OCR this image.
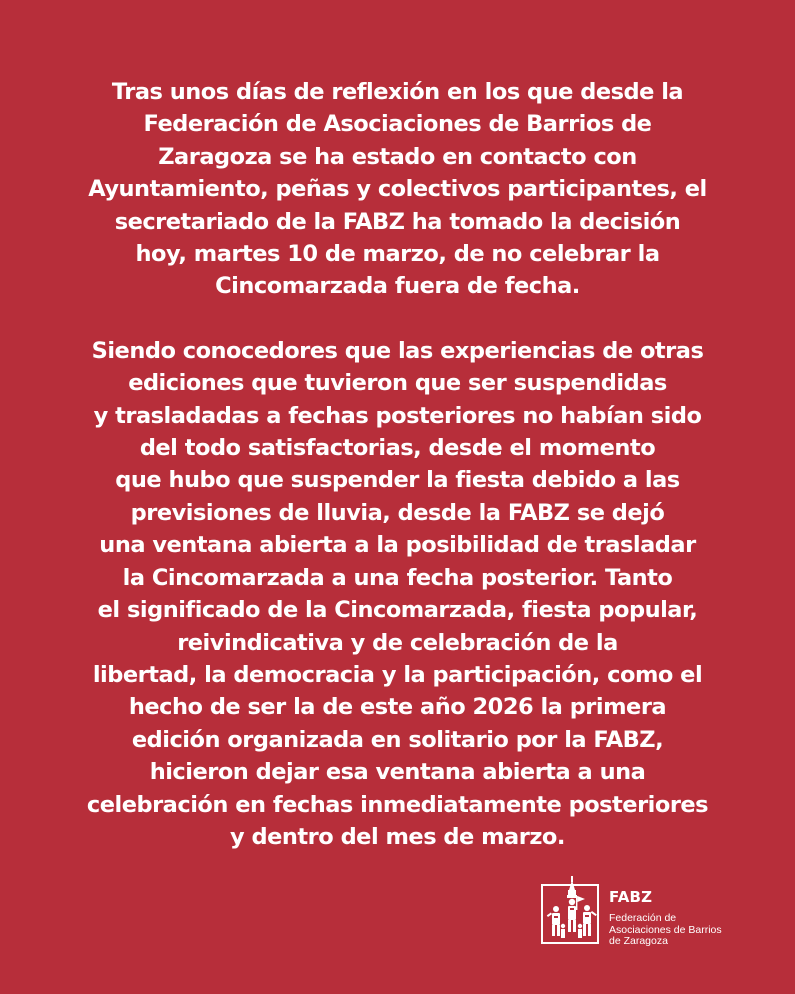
Tras unos días de reflexión en los que desde la
Federación de Asociaciones de Barrios de
Zaragoza se ha estado en contacto con
Ayuntamiento, peñas y colectivos participantes, el
secretariado de la FABZ ha tomado la decisión
hoy, martes 10 de marzo, de no celebrar la
Cincomarzada fuera de fecha.

Siendo conocedores que las experiencias de otras
ediciones que tuvieron que ser suspendidas
y trasladadas a fechas posteriores no habían sido
del todo satisfactorias, desde el momento
que hubo que suspender la fiesta debido a las
previsiones de lluvia, desde la FABZ se dejó
una ventana abierta a la posibilidad de trasladar
la Cincomarzada a una fecha posterior. Tanto
el significado de la Cincomarzada, fiesta popular,
reivindicativa y de celebración de la
libertad, la democracia y la participación, como el
hecho de ser la de este año 2026 la primera
edición organizada en solitario por la FABZ,
hicieron dejar esa ventana abierta a una
celebración en fechas inmediatamente posteriores
y dentro del mes de marzo.

FABZ
Federación de
Asociaciones de Barrios
de Zaragoza
